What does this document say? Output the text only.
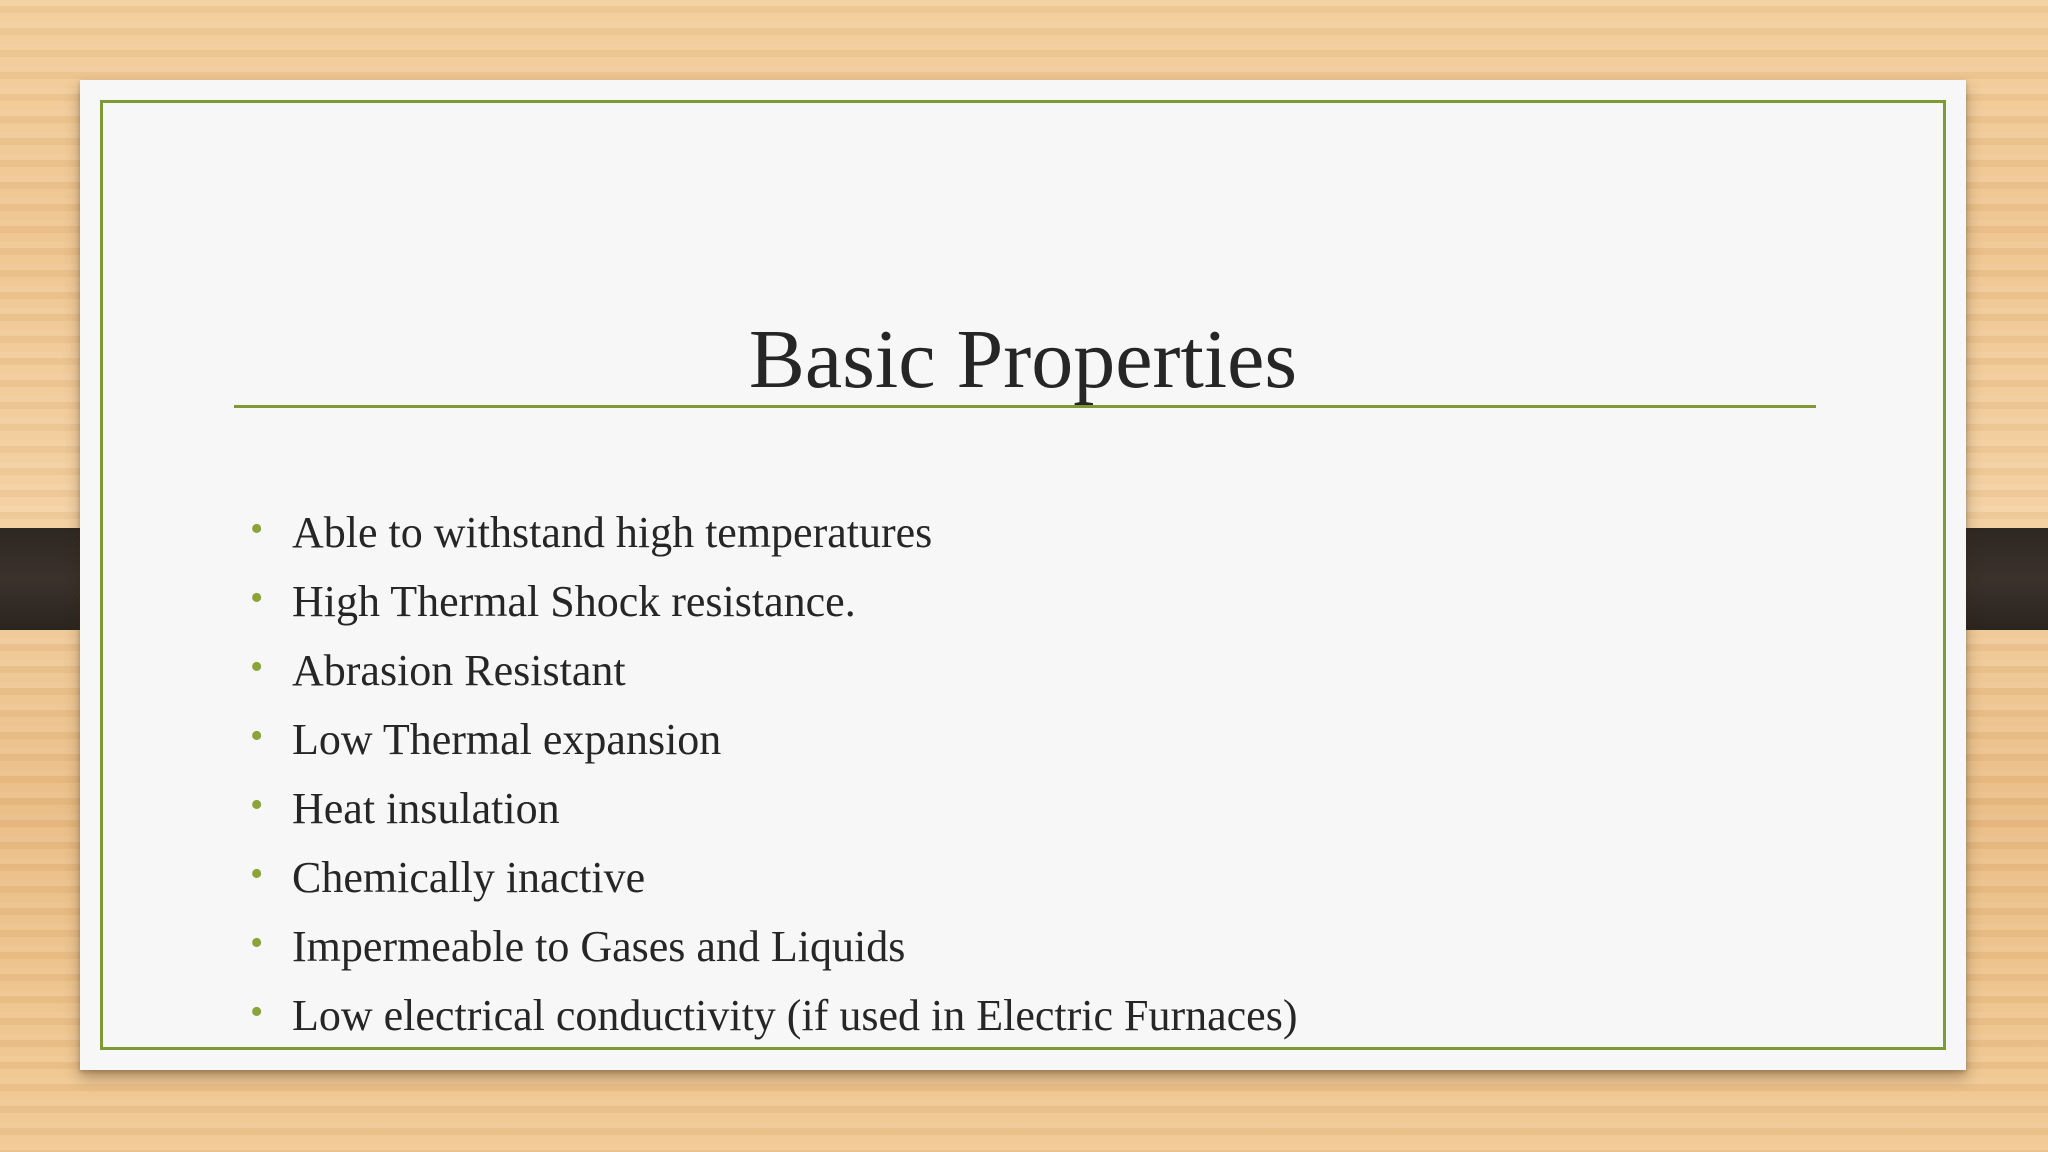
Basic Properties
• Able to withstand high temperatures
• High Thermal Shock resistance.
• Abrasion Resistant
• Low Thermal expansion
• Heat insulation
• Chemically inactive
• Impermeable to Gases and Liquids
• Low electrical conductivity (if used in Electric Furnaces)
